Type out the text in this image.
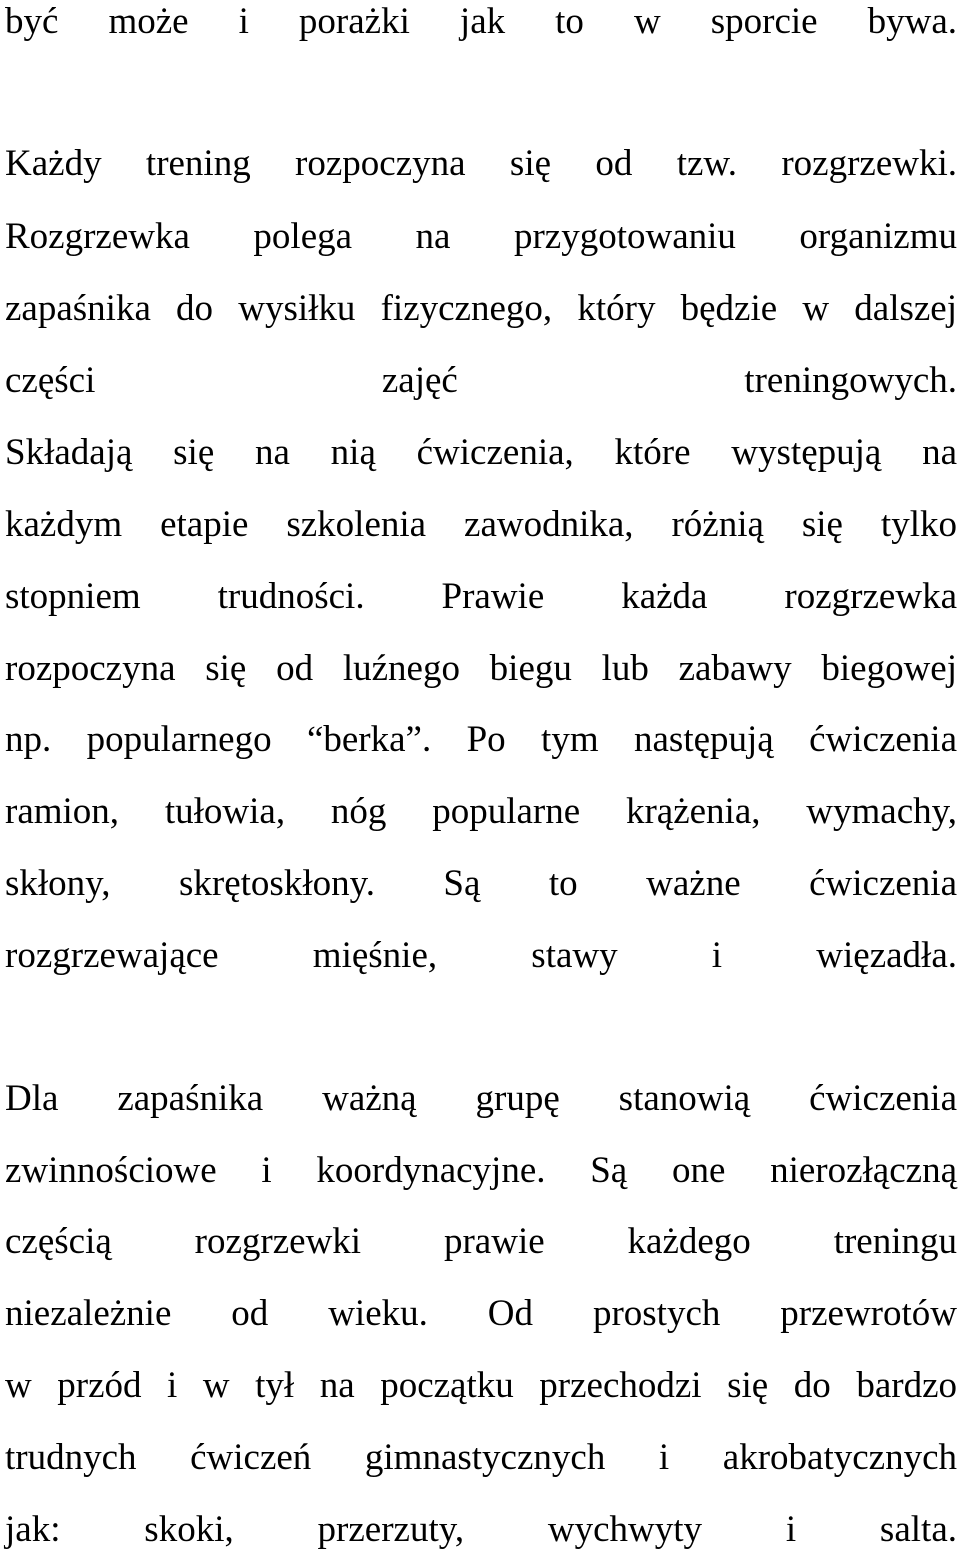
być może i porażki jak to w sporcie bywa.
Każdy trening rozpoczyna się od tzw. rozgrzewki.
Rozgrzewka polega na przygotowaniu organizmu
zapaśnika do wysiłku fizycznego, który będzie w dalszej
części zajęć treningowych.
Składają się na nią ćwiczenia, które występują na
każdym etapie szkolenia zawodnika, różnią się tylko
stopniem trudności. Prawie każda rozgrzewka
rozpoczyna się od luźnego biegu lub zabawy biegowej
np. popularnego “berka”. Po tym następują ćwiczenia
ramion, tułowia, nóg popularne krążenia, wymachy,
skłony, skrętoskłony. Są to ważne ćwiczenia
rozgrzewające mięśnie, stawy i więzadła.
Dla zapaśnika ważną grupę stanowią ćwiczenia
zwinnościowe i koordynacyjne. Są one nierozłączną
częścią rozgrzewki prawie każdego treningu
niezależnie od wieku. Od prostych przewrotów
w przód i w tył na początku przechodzi się do bardzo
trudnych ćwiczeń gimnastycznych i akrobatycznych
jak: skoki, przerzuty, wychwyty i salta.
